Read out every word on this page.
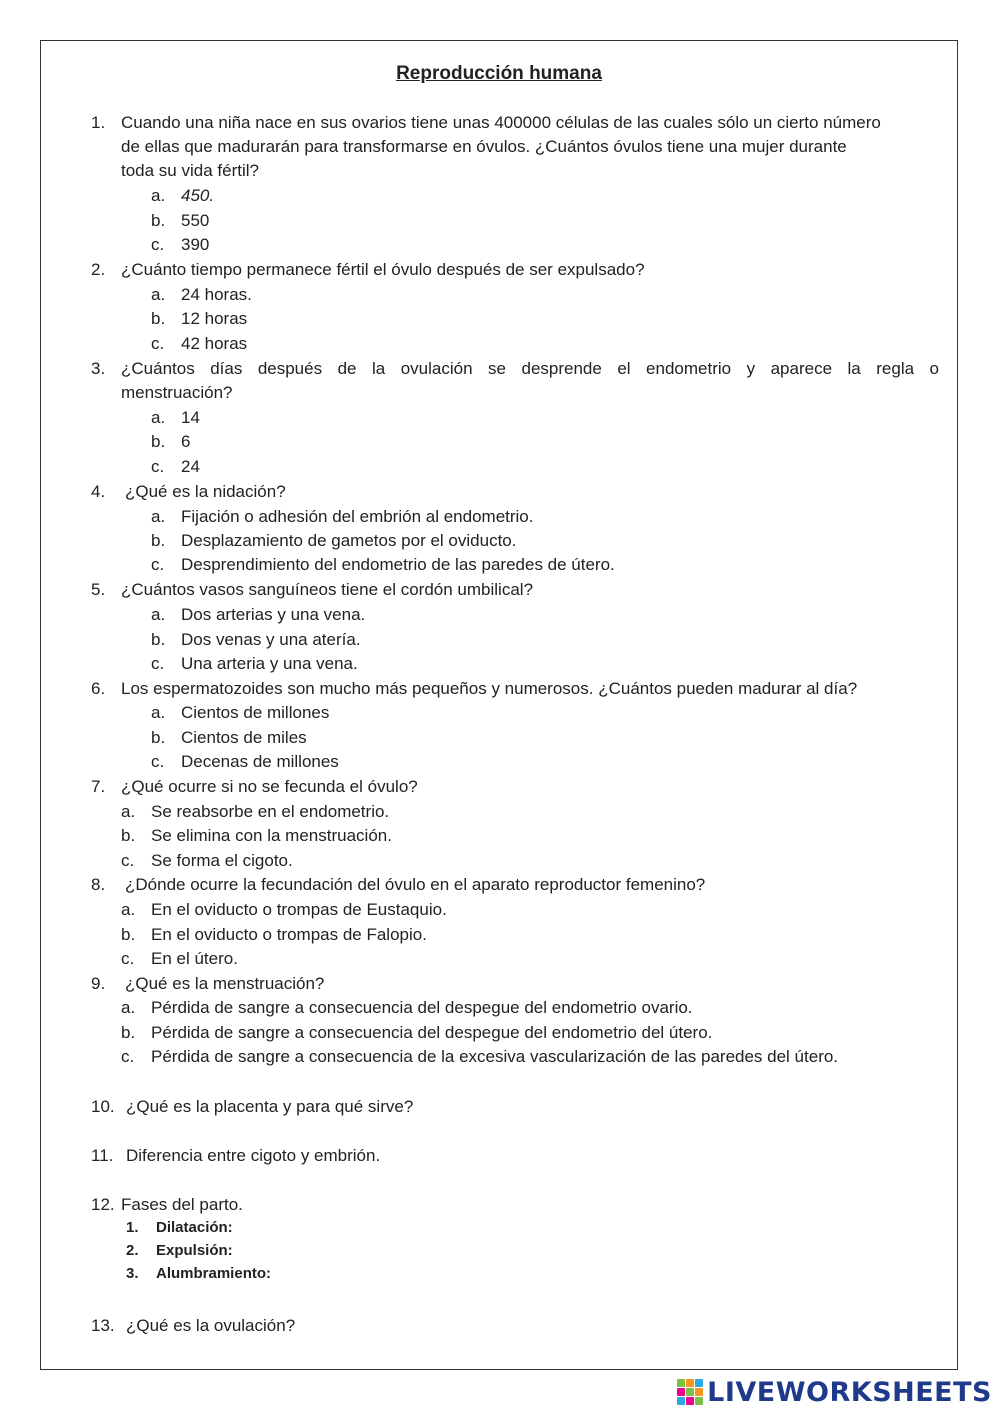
Reproducción humana
1. Cuando una niña nace en sus ovarios tiene unas 400000 células de las cuales sólo un cierto número
de ellas que madurarán para transformarse en óvulos. ¿Cuántos óvulos tiene una mujer durante
toda su vida fértil?
a. 450.
b. 550
c. 390
2. ¿Cuánto tiempo permanece fértil el óvulo después de ser expulsado?
a. 24 horas.
b. 12 horas
c. 42 horas
3. ¿Cuántos días después de la ovulación se desprende el endometrio y aparece la regla o
menstruación?
a. 14
b. 6
c. 24
4. ¿Qué es la nidación?
a. Fijación o adhesión del embrión al endometrio.
b. Desplazamiento de gametos por el oviducto.
c. Desprendimiento del endometrio de las paredes de útero.
5. ¿Cuántos vasos sanguíneos tiene el cordón umbilical?
a. Dos arterias y una vena.
b. Dos venas y una atería.
c. Una arteria y una vena.
6. Los espermatozoides son mucho más pequeños y numerosos. ¿Cuántos pueden madurar al día?
a. Cientos de millones
b. Cientos de miles
c. Decenas de millones
7. ¿Qué ocurre si no se fecunda el óvulo?
a. Se reabsorbe en el endometrio.
b. Se elimina con la menstruación.
c. Se forma el cigoto.
8. ¿Dónde ocurre la fecundación del óvulo en el aparato reproductor femenino?
a. En el oviducto o trompas de Eustaquio.
b. En el oviducto o trompas de Falopio.
c. En el útero.
9. ¿Qué es la menstruación?
a. Pérdida de sangre a consecuencia del despegue del endometrio ovario.
b. Pérdida de sangre a consecuencia del despegue del endometrio del útero.
c. Pérdida de sangre a consecuencia de la excesiva vascularización de las paredes del útero.
10. ¿Qué es la placenta y para qué sirve?
11. Diferencia entre cigoto y embrión.
12. Fases del parto.
1. Dilatación:
2. Expulsión:
3. Alumbramiento:
13. ¿Qué es la ovulación?
LIVEWORKSHEETS
